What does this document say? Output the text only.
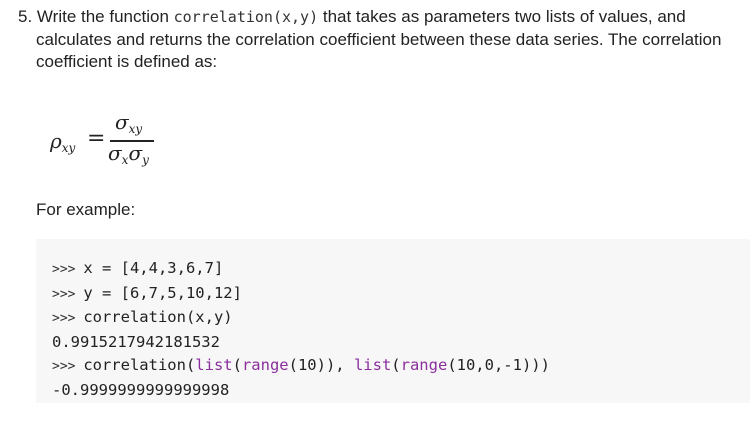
5. Write the function correlation(x,y) that takes as parameters two lists of values, and calculates and returns the correlation coefficient between these data series. The correlation coefficient is defined as:
$\rho_{xy}$ =
$\sigma_{xy}$
$\sigma_x\sigma_y$
For example:
>>> x = [4,4,3,6,7]
>>> y = [6,7,5,10,12]
>>> correlation(x,y)
0.9915217942181532
>>> correlation(list(range(10)), list(range(10,0,-1)))
-0.9999999999999998
